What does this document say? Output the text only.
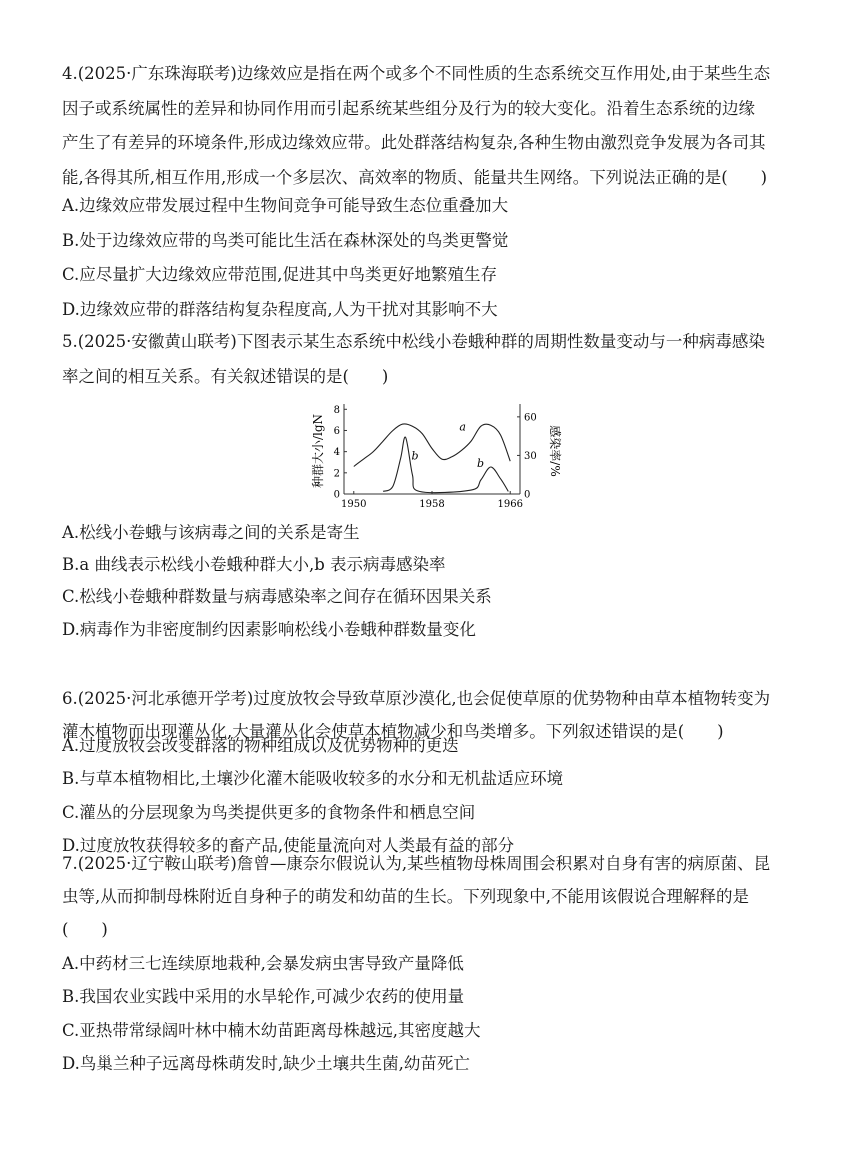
4.(2025·广东珠海联考)边缘效应是指在两个或多个不同性质的生态系统交互作用处,由于某些生态
因子或系统属性的差异和协同作用而引起系统某些组分及行为的较大变化。沿着生态系统的边缘
产生了有差异的环境条件,形成边缘效应带。此处群落结构复杂,各种生物由激烈竞争发展为各司其
能,各得其所,相互作用,形成一个多层次、高效率的物质、能量共生网络。下列说法正确的是(　　)
A.边缘效应带发展过程中生物间竞争可能导致生态位重叠加大
B.处于边缘效应带的鸟类可能比生活在森林深处的鸟类更警觉
C.应尽量扩大边缘效应带范围,促进其中鸟类更好地繁殖生存
D.边缘效应带的群落结构复杂程度高,人为干扰对其影响不大
5.(2025·安徽黄山联考)下图表示某生态系统中松线小卷蛾种群的周期性数量变动与一种病毒感染
率之间的相互关系。有关叙述错误的是(　　)
A.松线小卷蛾与该病毒之间的关系是寄生
B.a 曲线表示松线小卷蛾种群大小,b 表示病毒感染率
C.松线小卷蛾种群数量与病毒感染率之间存在循环因果关系
D.病毒作为非密度制约因素影响松线小卷蛾种群数量变化
6.(2025·河北承德开学考)过度放牧会导致草原沙漠化,也会促使草原的优势物种由草本植物转变为
灌木植物而出现灌丛化,大量灌丛化会使草本植物减少和鸟类增多。下列叙述错误的是(　　)
A.过度放牧会改变群落的物种组成以及优势物种的更迭
B.与草本植物相比,土壤沙化灌木能吸收较多的水分和无机盐适应环境
C.灌丛的分层现象为鸟类提供更多的食物条件和栖息空间
D.过度放牧获得较多的畜产品,使能量流向对人类最有益的部分
7.(2025·辽宁鞍山联考)詹曾—康奈尔假说认为,某些植物母株周围会积累对自身有害的病原菌、昆
虫等,从而抑制母株附近自身种子的萌发和幼苗的生长。下列现象中,不能用该假说合理解释的是
(　　)
A.中药材三七连续原地栽种,会暴发病虫害导致产量降低
B.我国农业实践中采用的水旱轮作,可减少农药的使用量
C.亚热带常绿阔叶林中楠木幼苗距离母株越远,其密度越大
D.鸟巢兰种子远离母株萌发时,缺少土壤共生菌,幼苗死亡
a
b
b
0
2
4
6
8
0
30
60
1950	1958	1966
种群大小/lgN	感染率/%
